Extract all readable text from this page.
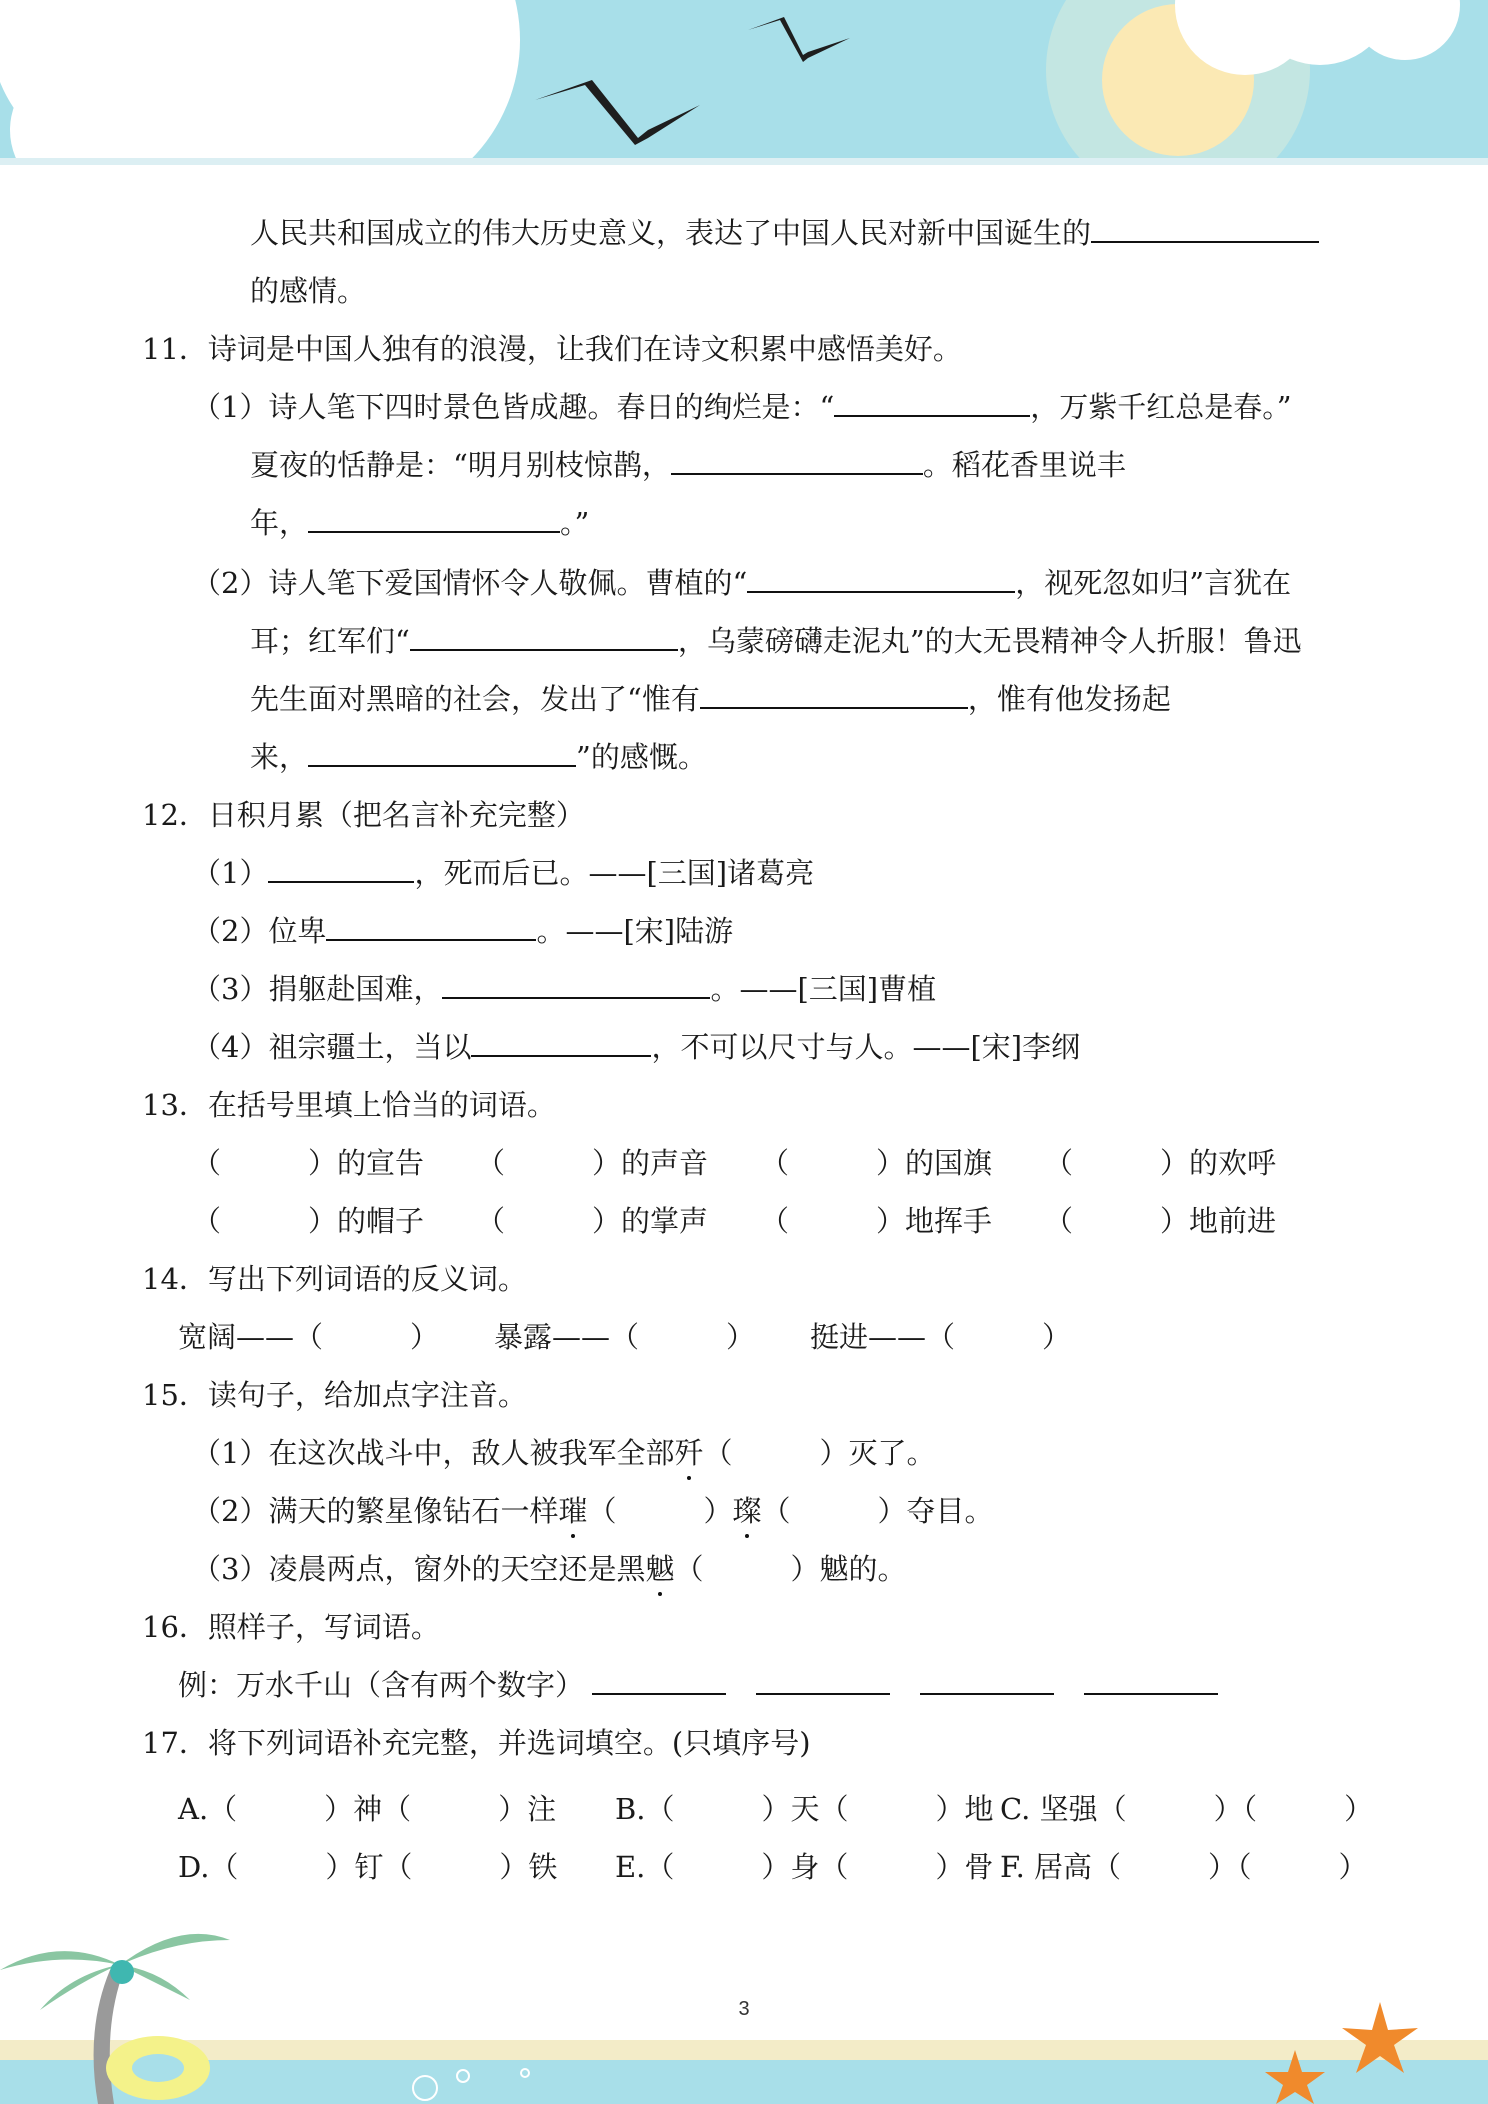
人民共和国成立的伟大历史意义，表达了中国人民对新中国诞生的
的感情。
11．诗词是中国人独有的浪漫，让我们在诗文积累中感悟美好。
（1）诗人笔下四时景色皆成趣。春日的绚烂是：“	，万紫千红总是春。”
夏夜的恬静是：“明月别枝惊鹊，	。稻花香里说丰
年，	。”
（2）诗人笔下爱国情怀令人敬佩。曹植的“	，视死忽如归”言犹在
耳；红军们“	，乌蒙磅礴走泥丸”的大无畏精神令人折服！鲁迅
先生面对黑暗的社会，发出了“惟有	，惟有他发扬起
来，	”的感慨。
12．日积月累（把名言补充完整）
（1）	，死而后已。——[三国]诸葛亮
（2）位卑	。——[宋]陆游
（3）捐躯赴国难，	。——[三国]曹植
（4）祖宗疆土，当以	，不可以尺寸与人。——[宋]李纲
13．在括号里填上恰当的词语。
（　　　）的宣告 （　　　）的声音 （　　　）的国旗 （　　　）的欢呼
（　　　）的帽子 （　　　）的掌声 （　　　）地挥手 （　　　）地前进
14．写出下列词语的反义词。
宽阔——（　　　） 暴露——（　　　） 挺进——（　　　）
15．读句子，给加点字注音。
（1）在这次战斗中，敌人被我军全部歼（　　　）灭了。
（2）满天的繁星像钻石一样璀（　　　）璨（　　　）夺目。
（3）凌晨两点，窗外的天空还是黑魆（　　　）魆的。
16．照样子，写词语。
例：万水千山（含有两个数字）
17．将下列词语补充完整，并选词填空。(只填序号)
A.（　　　）神（　　　）注 B.（　　　）天（　　　）地 C. 坚强（　　　）（　　　）
D.（　　　）钉（　　　）铁 E.（　　　）身（　　　）骨 F. 居高（　　　）（　　　）
3
